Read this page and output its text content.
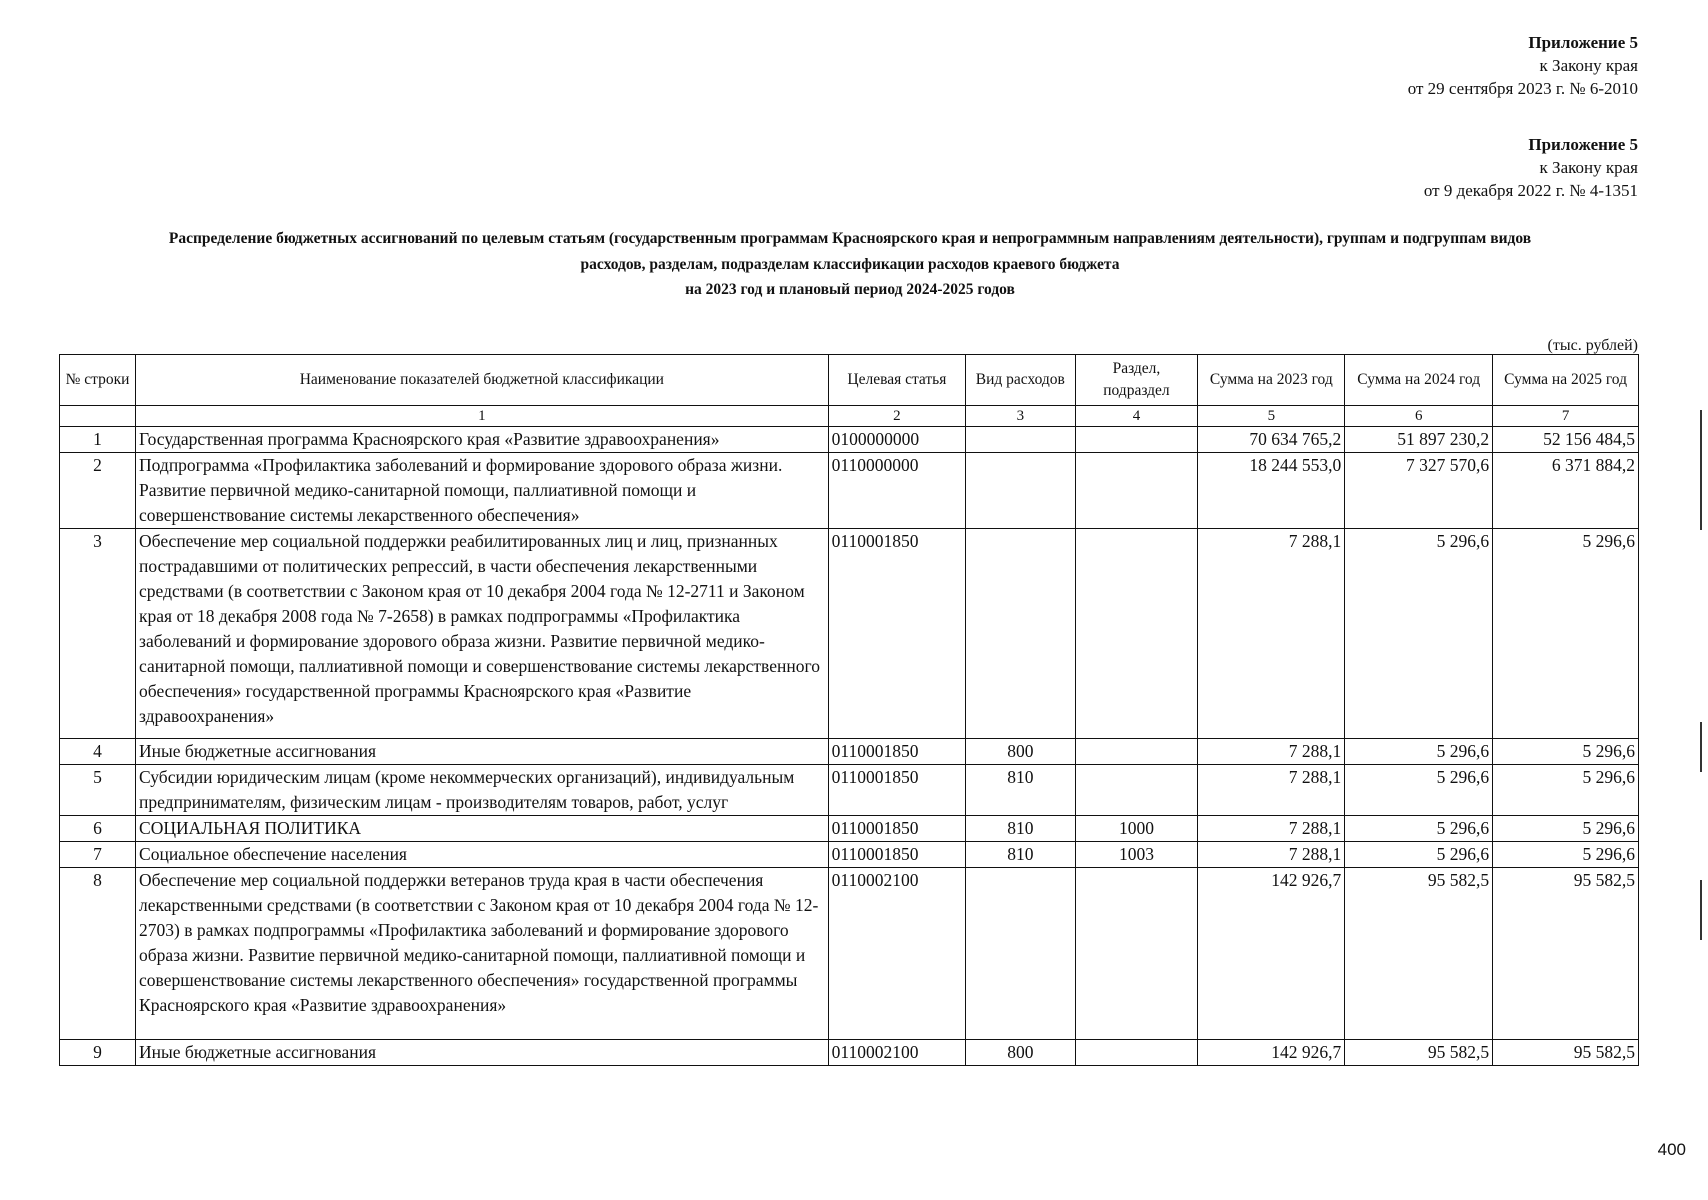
Приложение 5
к Закону края
от 29 сентября 2023 г. № 6-2010
Приложение 5
к Закону края
от 9 декабря 2022 г. № 4-1351
Распределение бюджетных ассигнований по целевым статьям (государственным программам Красноярского края и непрограммным направлениям деятельности), группам и подгруппам видов
расходов, разделам, подразделам классификации расходов краевого бюджета
на 2023 год и плановый период 2024-2025 годов
(тыс. рублей)
№ строки	Наименование показателей бюджетной классификации	Целевая статья	Вид расходов	Раздел, подраздел	Сумма на 2023 год	Сумма на 2024 год	Сумма на 2025 год
	1	2	3	4	5	6	7
1	Государственная программа Красноярского края «Развитие здравоохранения»	0100000000			70 634 765,2	51 897 230,2	52 156 484,5
2	Подпрограмма «Профилактика заболеваний и формирование здорового образа жизни. Развитие первичной медико-санитарной помощи, паллиативной помощи и совершенствование системы лекарственного обеспечения»	0110000000			18 244 553,0	7 327 570,6	6 371 884,2
3	Обеспечение мер социальной поддержки реабилитированных лиц и лиц, признанных пострадавшими от политических репрессий, в части обеспечения лекарственными средствами (в соответствии с Законом края от 10 декабря 2004 года № 12-2711 и Законом края от 18 декабря 2008 года № 7-2658) в рамках подпрограммы «Профилактика заболеваний и формирование здорового образа жизни. Развитие первичной медико-санитарной помощи, паллиативной помощи и совершенствование системы лекарственного обеспечения» государственной программы Красноярского края «Развитие здравоохранения»	0110001850			7 288,1	5 296,6	5 296,6
4	Иные бюджетные ассигнования	0110001850	800		7 288,1	5 296,6	5 296,6
5	Субсидии юридическим лицам (кроме некоммерческих организаций), индивидуальным предпринимателям, физическим лицам - производителям товаров, работ, услуг	0110001850	810		7 288,1	5 296,6	5 296,6
6	СОЦИАЛЬНАЯ ПОЛИТИКА	0110001850	810	1000	7 288,1	5 296,6	5 296,6
7	Социальное обеспечение населения	0110001850	810	1003	7 288,1	5 296,6	5 296,6
8	Обеспечение мер социальной поддержки ветеранов труда края в части обеспечения лекарственными средствами (в соответствии с Законом края от 10 декабря 2004 года № 12-2703) в рамках подпрограммы «Профилактика заболеваний и формирование здорового образа жизни. Развитие первичной медико-санитарной помощи, паллиативной помощи и совершенствование системы лекарственного обеспечения» государственной программы Красноярского края «Развитие здравоохранения»	0110002100			142 926,7	95 582,5	95 582,5
9	Иные бюджетные ассигнования	0110002100	800		142 926,7	95 582,5	95 582,5
400
